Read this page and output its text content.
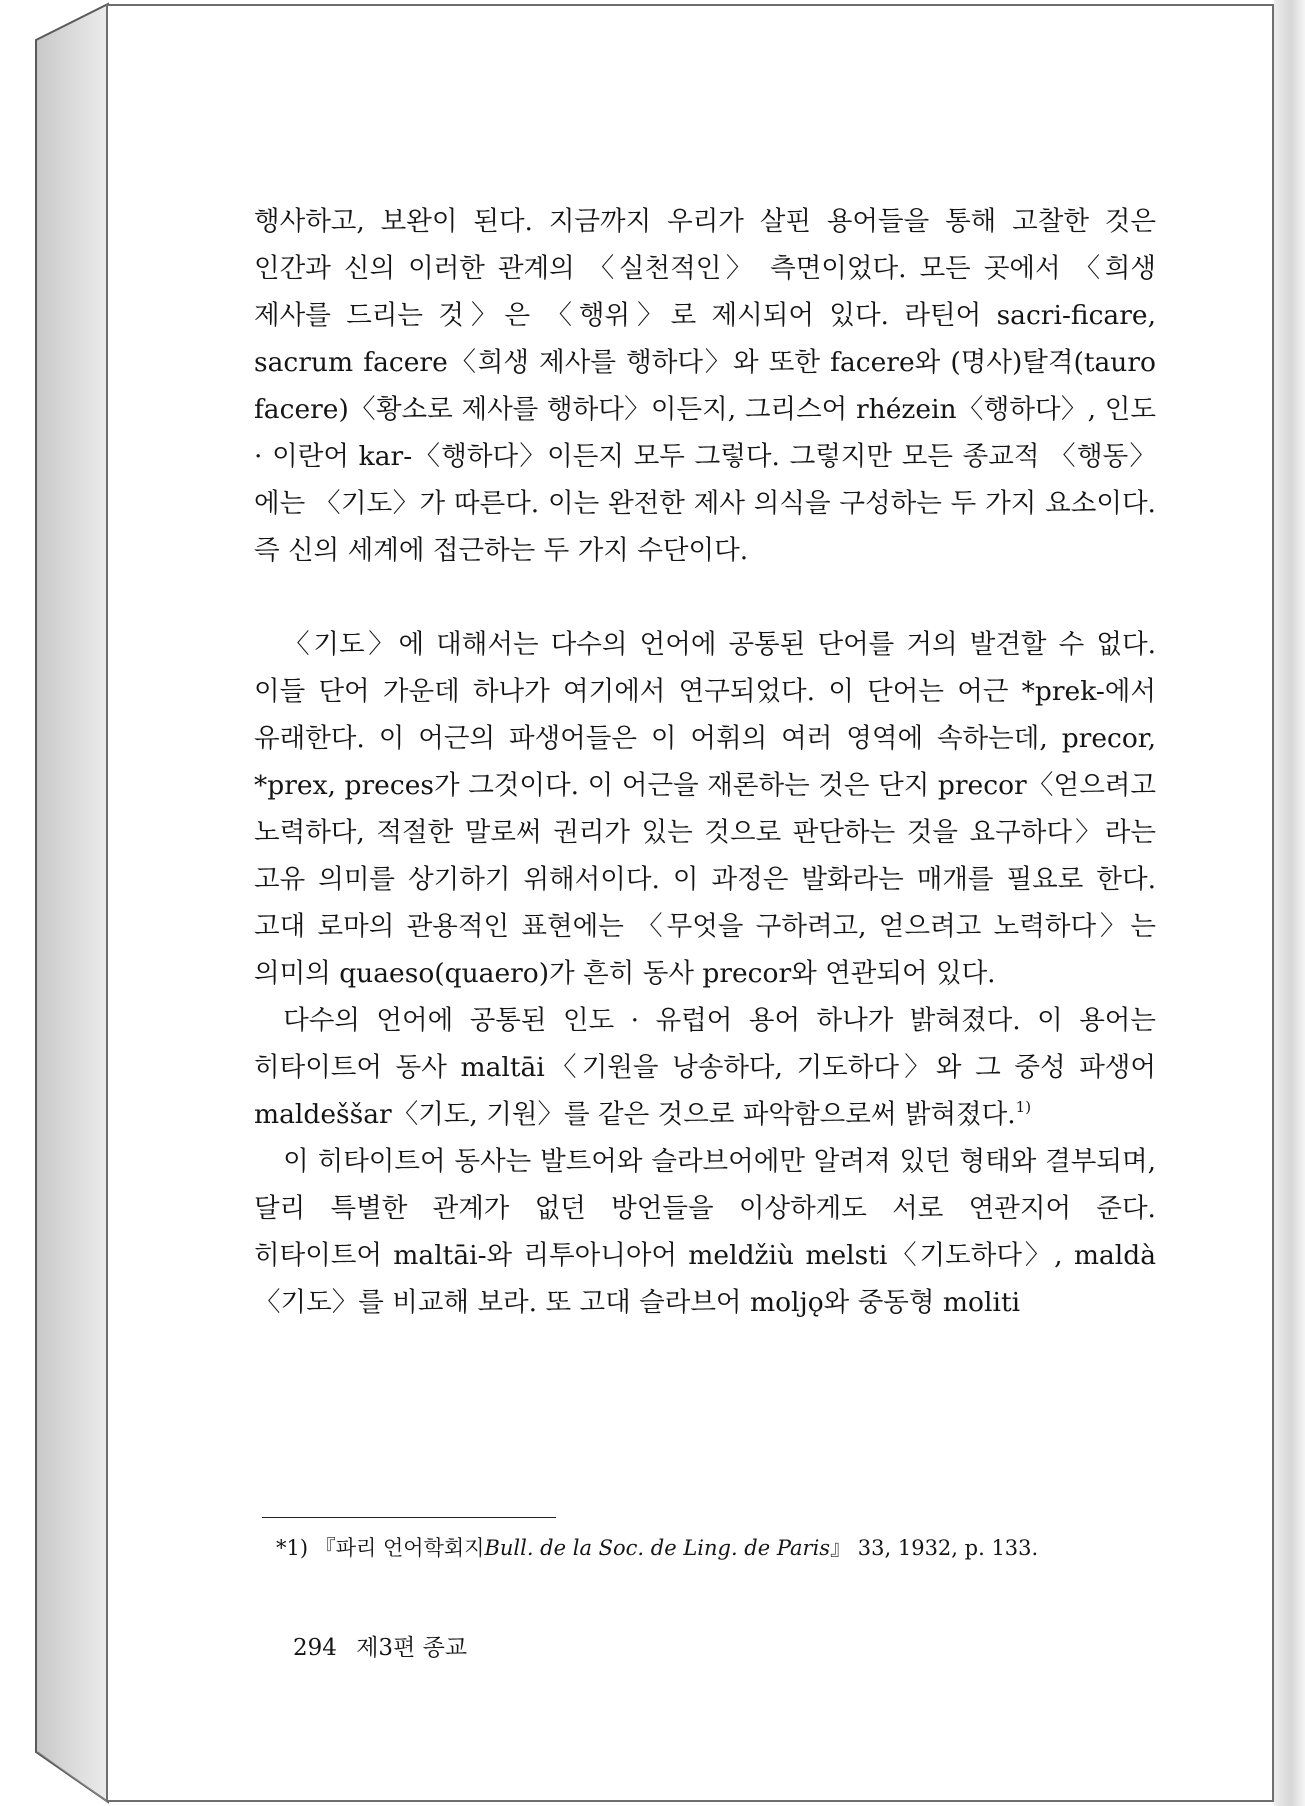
행사하고, 보완이 된다. 지금까지 우리가 살핀 용어들을 통해 고찰한 것은 인간과 신의 이러한 관계의 〈실천적인〉 측면이었다. 모든 곳에서 〈희생 제사를 드리는 것〉은 〈행위〉로 제시되어 있다. 라틴어 sacri-ficare, sacrum facere〈희생 제사를 행하다〉와 또한 facere와 (명사)탈격(tauro facere)〈황소로 제사를 행하다〉이든지, 그리스어 rhézein〈행하다〉, 인도 · 이란어 kar-〈행하다〉이든지 모두 그렇다. 그렇지만 모든 종교적 〈행동〉에는 〈기도〉가 따른다. 이는 완전한 제사 의식을 구성하는 두 가지 요소이다. 즉 신의 세계에 접근하는 두 가지 수단이다.

〈기도〉에 대해서는 다수의 언어에 공통된 단어를 거의 발견할 수 없다. 이들 단어 가운데 하나가 여기에서 연구되었다. 이 단어는 어근 *prek-에서 유래한다. 이 어근의 파생어들은 이 어휘의 여러 영역에 속하는데, precor, *prex, preces가 그것이다. 이 어근을 재론하는 것은 단지 precor〈얻으려고 노력하다, 적절한 말로써 권리가 있는 것으로 판단하는 것을 요구하다〉라는 고유 의미를 상기하기 위해서이다. 이 과정은 발화라는 매개를 필요로 한다. 고대 로마의 관용적인 표현에는 〈무엇을 구하려고, 얻으려고 노력하다〉는 의미의 quaeso(quaero)가 흔히 동사 precor와 연관되어 있다.

다수의 언어에 공통된 인도 · 유럽어 용어 하나가 밝혀졌다. 이 용어는 히타이트어 동사 maltāi〈기원을 낭송하다, 기도하다〉와 그 중성 파생어 maldeššar〈기도, 기원〉를 같은 것으로 파악함으로써 밝혀졌다.$^{1)}$

이 히타이트어 동사는 발트어와 슬라브어에만 알려져 있던 형태와 결부되며, 달리 특별한 관계가 없던 방언들을 이상하게도 서로 연관지어 준다. 히타이트어 maltāi-와 리투아니아어 meldžiù melsti〈기도하다〉, maldà〈기도〉를 비교해 보라. 또 고대 슬라브어 moljǫ와 중동형 moliti

*1) 『파리 언어학회지Bull. de la Soc. de Ling. de Paris』 33, 1932, p. 133.
294 제3편 종교
